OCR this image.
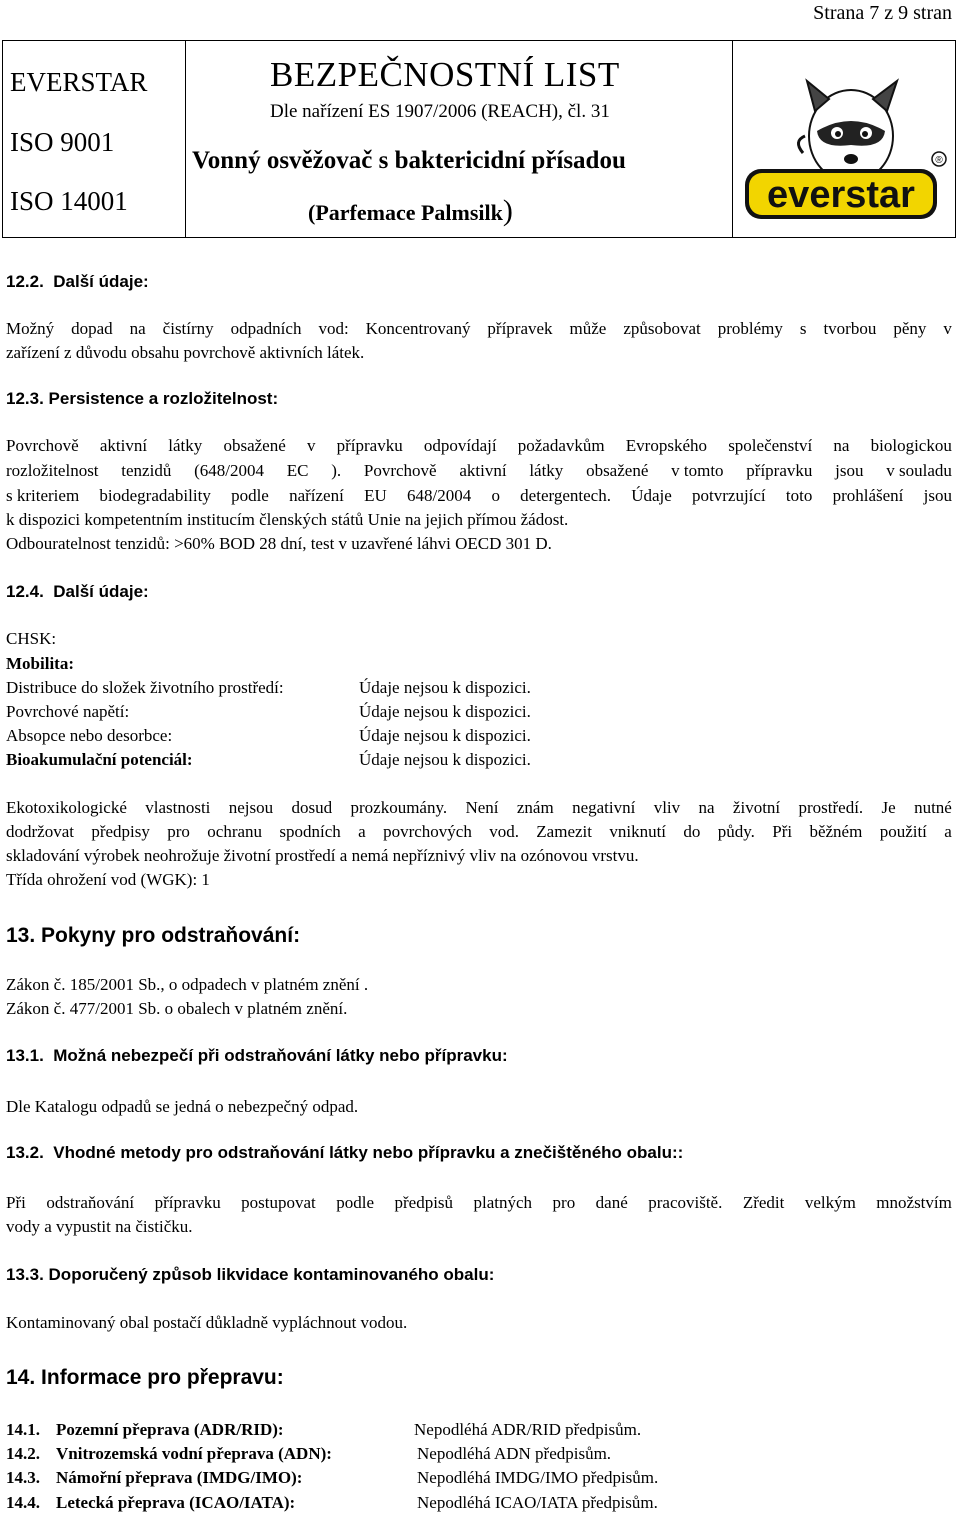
Strana 7 z 9 stran
EVERSTAR
ISO 9001
ISO 14001
BEZPEČNOSTNÍ LIST
Dle nařízení ES 1907/2006 (REACH), čl. 31
Vonný osvěžovač s baktericidní přísadou
(Parfemace Palmsilk)	everstar
®
12.2. Další údaje:
Možný dopad na čistírny odpadních vod: Koncentrovaný přípravek může způsobovat problémy s tvorbou pěny v
zařízení z důvodu obsahu povrchově aktivních látek.
12.3. Persistence a rozložitelnost:
Povrchově aktivní látky obsažené v přípravku odpovídají požadavkům Evropského společenství na biologickou
rozložitelnost tenzidů (648/2004 EC ). Povrchově aktivní látky obsažené v tomto přípravku jsou v souladu
s kriteriem biodegradability podle nařízení EU 648/2004 o detergentech. Údaje potvrzující toto prohlášení jsou
k dispozici kompetentním institucím členských států Unie na jejich přímou žádost.
Odbouratelnost tenzidů: >60% BOD 28 dní, test v uzavřené láhvi OECD 301 D.
12.4. Další údaje:
CHSK:
Mobilita:
Distribuce do složek životního prostředí:	Údaje nejsou k dispozici.
Povrchové napětí:	Údaje nejsou k dispozici.
Absopce nebo desorbce:	Údaje nejsou k dispozici.
Bioakumulační potenciál:	Údaje nejsou k dispozici.
Ekotoxikologické vlastnosti nejsou dosud prozkoumány. Není znám negativní vliv na životní prostředí. Je nutné
dodržovat předpisy pro ochranu spodních a povrchových vod. Zamezit vniknutí do půdy. Při běžném použití a
skladování výrobek neohrožuje životní prostředí a nemá nepříznivý vliv na ozónovou vrstvu.
Třída ohrožení vod (WGK): 1
13. Pokyny pro odstraňování:
Zákon č. 185/2001 Sb., o odpadech v platném znění .
Zákon č. 477/2001 Sb. o obalech v platném znění.
13.1. Možná nebezpečí při odstraňování látky nebo přípravku:
Dle Katalogu odpadů se jedná o nebezpečný odpad.
13.2. Vhodné metody pro odstraňování látky nebo přípravku a znečištěného obalu::
Při odstraňování přípravku postupovat podle předpisů platných pro dané pracoviště. Zředit velkým množstvím
vody a vypustit na čističku.
13.3. Doporučený způsob likvidace kontaminovaného obalu:
Kontaminovaný obal postačí důkladně vypláchnout vodou.
14. Informace pro přepravu:
14.1. Pozemní přeprava (ADR/RID):	Nepodléhá ADR/RID předpisům.
14.2. Vnitrozemská vodní přeprava (ADN):	Nepodléhá ADN předpisům.
14.3. Námořní přeprava (IMDG/IMO):	Nepodléhá IMDG/IMO předpisům.
14.4. Letecká přeprava (ICAO/IATA):	Nepodléhá ICAO/IATA předpisům.
